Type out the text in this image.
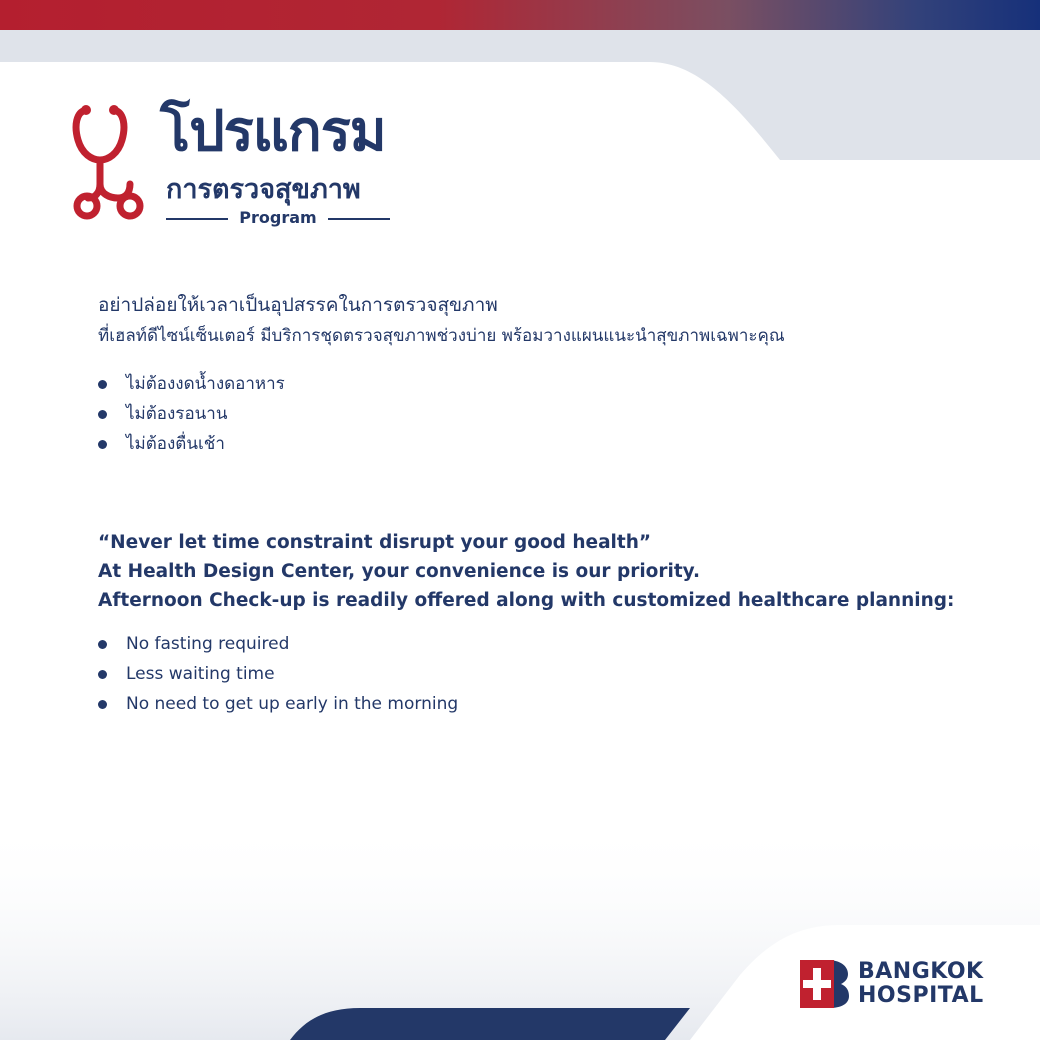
โปรแกรม
การตรวจสุขภาพ
Program
อย่าปล่อยให้เวลาเป็นอุปสรรคในการตรวจสุขภาพ
ที่เฮลท์ดีไซน์เซ็นเตอร์ มีบริการชุดตรวจสุขภาพช่วงบ่าย พร้อมวางแผนแนะนำสุขภาพเฉพาะคุณ
ไม่ต้องงดน้ำงดอาหาร
ไม่ต้องรอนาน
ไม่ต้องตื่นเช้า
“Never let time constraint disrupt your good health”
At Health Design Center, your convenience is our priority.
Afternoon Check-up is readily offered along with customized healthcare planning:
No fasting required
Less waiting time
No need to get up early in the morning
BANGKOK
HOSPITAL
